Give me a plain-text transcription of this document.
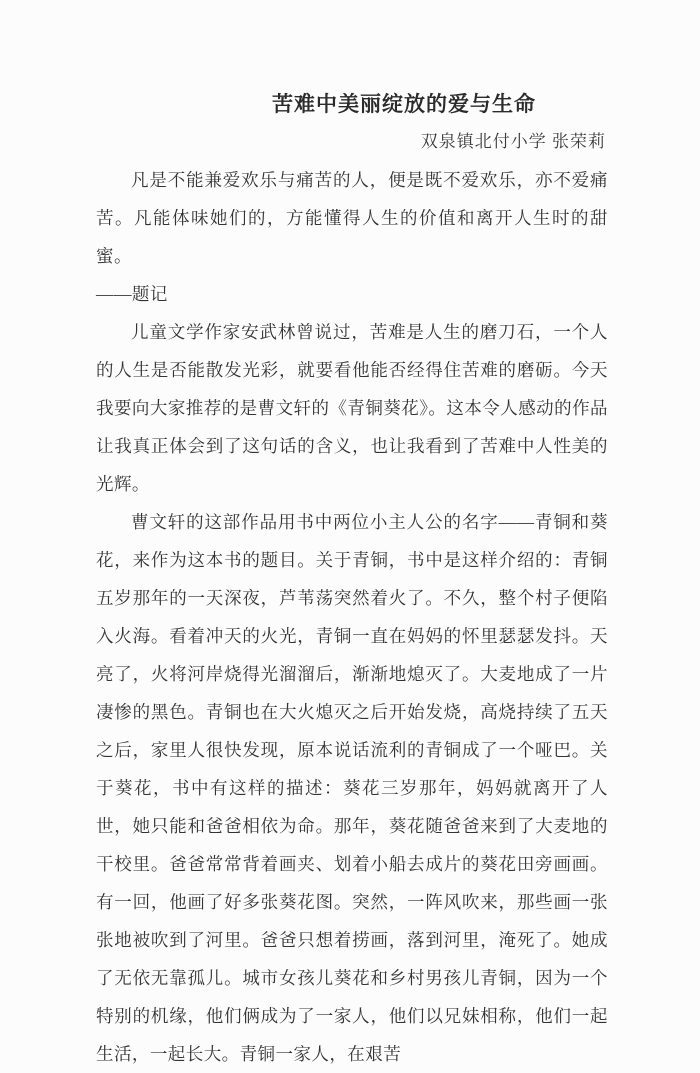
苦难中美丽绽放的爱与生命
双泉镇北付小学 张荣莉

凡是不能兼爱欢乐与痛苦的人，便是既不爱欢乐，亦不爱痛苦。凡能体味她们的，方能懂得人生的价值和离开人生时的甜蜜。

——题记

儿童文学作家安武林曾说过，苦难是人生的磨刀石，一个人的人生是否能散发光彩，就要看他能否经得住苦难的磨砺。今天我要向大家推荐的是曹文轩的《青铜葵花》。这本令人感动的作品让我真正体会到了这句话的含义，也让我看到了苦难中人性美的光辉。

曹文轩的这部作品用书中两位小主人公的名字——青铜和葵花，来作为这本书的题目。关于青铜，书中是这样介绍的：青铜五岁那年的一天深夜，芦苇荡突然着火了。不久，整个村子便陷入火海。看着冲天的火光，青铜一直在妈妈的怀里瑟瑟发抖。天亮了，火将河岸烧得光溜溜后，渐渐地熄灭了。大麦地成了一片凄惨的黑色。青铜也在大火熄灭之后开始发烧，高烧持续了五天之后，家里人很快发现，原本说话流利的青铜成了一个哑巴。关于葵花，书中有这样的描述：葵花三岁那年，妈妈就离开了人世，她只能和爸爸相依为命。那年，葵花随爸爸来到了大麦地的干校里。爸爸常常背着画夹、划着小船去成片的葵花田旁画画。有一回，他画了好多张葵花图。突然，一阵风吹来，那些画一张张地被吹到了河里。爸爸只想着捞画，落到河里，淹死了。她成了无依无靠孤儿。城市女孩儿葵花和乡村男孩儿青铜，因为一个特别的机缘，他们俩成为了一家人，他们以兄妹相称，他们一起生活，一起长大。青铜一家人，在艰苦
